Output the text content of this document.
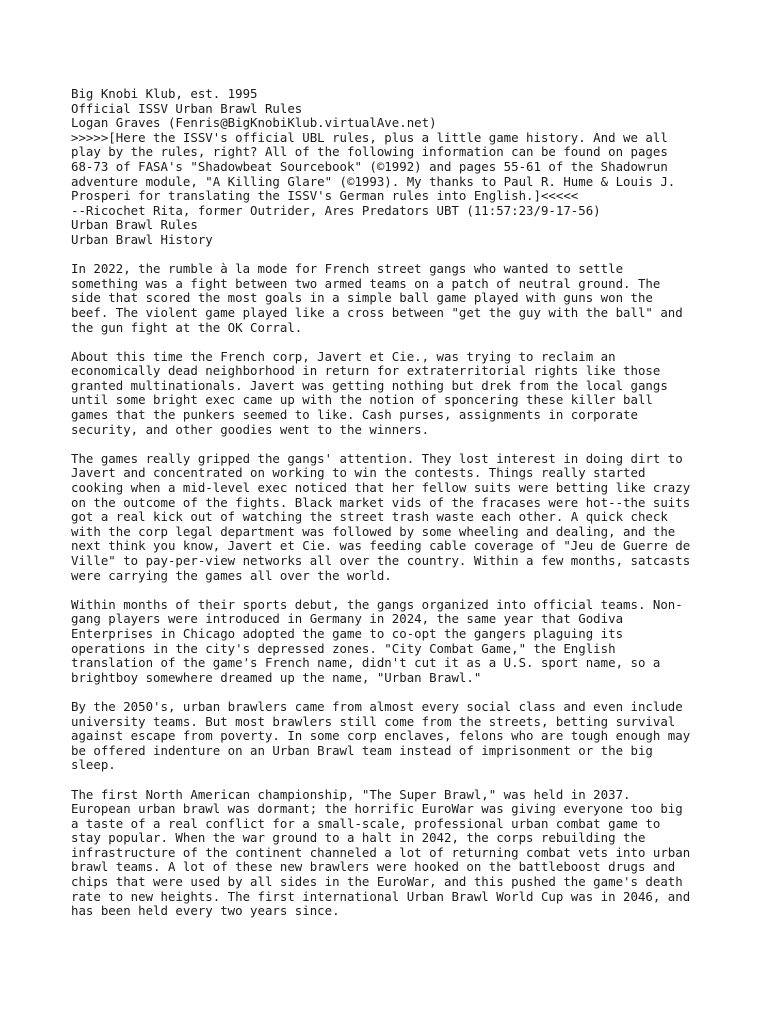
Big Knobi Klub, est. 1995
Official ISSV Urban Brawl Rules
Logan Graves (Fenris@BigKnobiKlub.virtualAve.net)
>>>>>[Here the ISSV's official UBL rules, plus a little game history. And we all
play by the rules, right? All of the following information can be found on pages
68-73 of FASA's "Shadowbeat Sourcebook" (©1992) and pages 55-61 of the Shadowrun
adventure module, "A Killing Glare" (©1993). My thanks to Paul R. Hume & Louis J.
Prosperi for translating the ISSV's German rules into English.]<<<<<
--Ricochet Rita, former Outrider, Ares Predators UBT (11:57:23/9-17-56)
Urban Brawl Rules
Urban Brawl History
In 2022, the rumble à la mode for French street gangs who wanted to settle
something was a fight between two armed teams on a patch of neutral ground. The
side that scored the most goals in a simple ball game played with guns won the
beef. The violent game played like a cross between "get the guy with the ball" and
the gun fight at the OK Corral.
About this time the French corp, Javert et Cie., was trying to reclaim an
economically dead neighborhood in return for extraterritorial rights like those
granted multinationals. Javert was getting nothing but drek from the local gangs
until some bright exec came up with the notion of sponcering these killer ball
games that the punkers seemed to like. Cash purses, assignments in corporate
security, and other goodies went to the winners.
The games really gripped the gangs' attention. They lost interest in doing dirt to
Javert and concentrated on working to win the contests. Things really started
cooking when a mid-level exec noticed that her fellow suits were betting like crazy
on the outcome of the fights. Black market vids of the fracases were hot--the suits
got a real kick out of watching the street trash waste each other. A quick check
with the corp legal department was followed by some wheeling and dealing, and the
next think you know, Javert et Cie. was feeding cable coverage of "Jeu de Guerre de
Ville" to pay-per-view networks all over the country. Within a few months, satcasts
were carrying the games all over the world.
Within months of their sports debut, the gangs organized into official teams. Non-
gang players were introduced in Germany in 2024, the same year that Godiva
Enterprises in Chicago adopted the game to co-opt the gangers plaguing its
operations in the city's depressed zones. "City Combat Game," the English
translation of the game's French name, didn't cut it as a U.S. sport name, so a
brightboy somewhere dreamed up the name, "Urban Brawl."
By the 2050's, urban brawlers came from almost every social class and even include
university teams. But most brawlers still come from the streets, betting survival
against escape from poverty. In some corp enclaves, felons who are tough enough may
be offered indenture on an Urban Brawl team instead of imprisonment or the big
sleep.
The first North American championship, "The Super Brawl," was held in 2037.
European urban brawl was dormant; the horrific EuroWar was giving everyone too big
a taste of a real conflict for a small-scale, professional urban combat game to
stay popular. When the war ground to a halt in 2042, the corps rebuilding the
infrastructure of the continent channeled a lot of returning combat vets into urban
brawl teams. A lot of these new brawlers were hooked on the battleboost drugs and
chips that were used by all sides in the EuroWar, and this pushed the game's death
rate to new heights. The first international Urban Brawl World Cup was in 2046, and
has been held every two years since.
